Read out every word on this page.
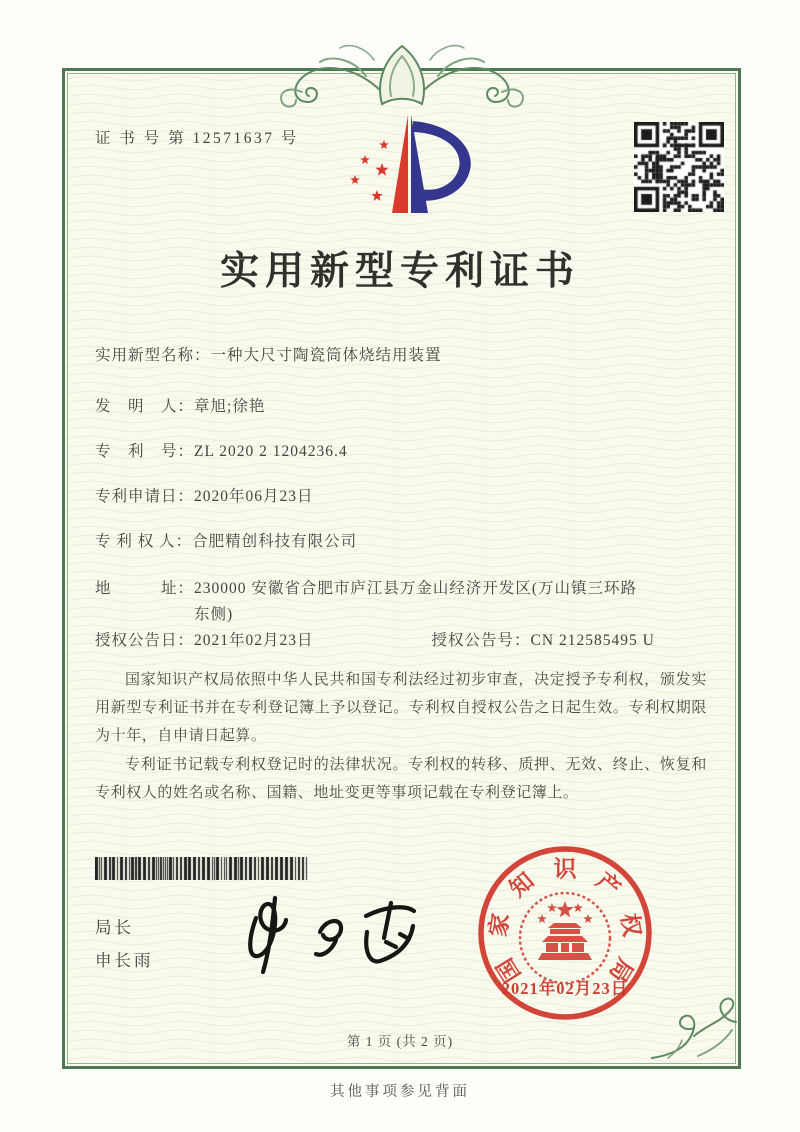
证 书 号 第 12571637 号
实用新型专利证书
实用新型名称：一种大尺寸陶瓷筒体烧结用装置
发　明　人：章旭;徐艳
专　利　号：ZL 2020 2 1204236.4
专利申请日：2020年06月23日
专 利 权 人：合肥精创科技有限公司
地　　　址： 230000 安徽省合肥市庐江县万金山经济开发区(万山镇三环路东侧)
授权公告日：2021年02月23日	授权公告号：CN 212585495 U

国家知识产权局依照中华人民共和国专利法经过初步审查，决定授予专利权，颁发实用新型专利证书并在专利登记簿上予以登记。专利权自授权公告之日起生效。专利权期限为十年，自申请日起算。

专利证书记载专利权登记时的法律状况。专利权的转移、质押、无效、终止、恢复和专利权人的姓名或名称、国籍、地址变更等事项记载在专利登记簿上。

局长
申长雨	国
家
知 识 产
权
局
2021年02月23日
第 1 页 (共 2 页)
其他事项参见背面
